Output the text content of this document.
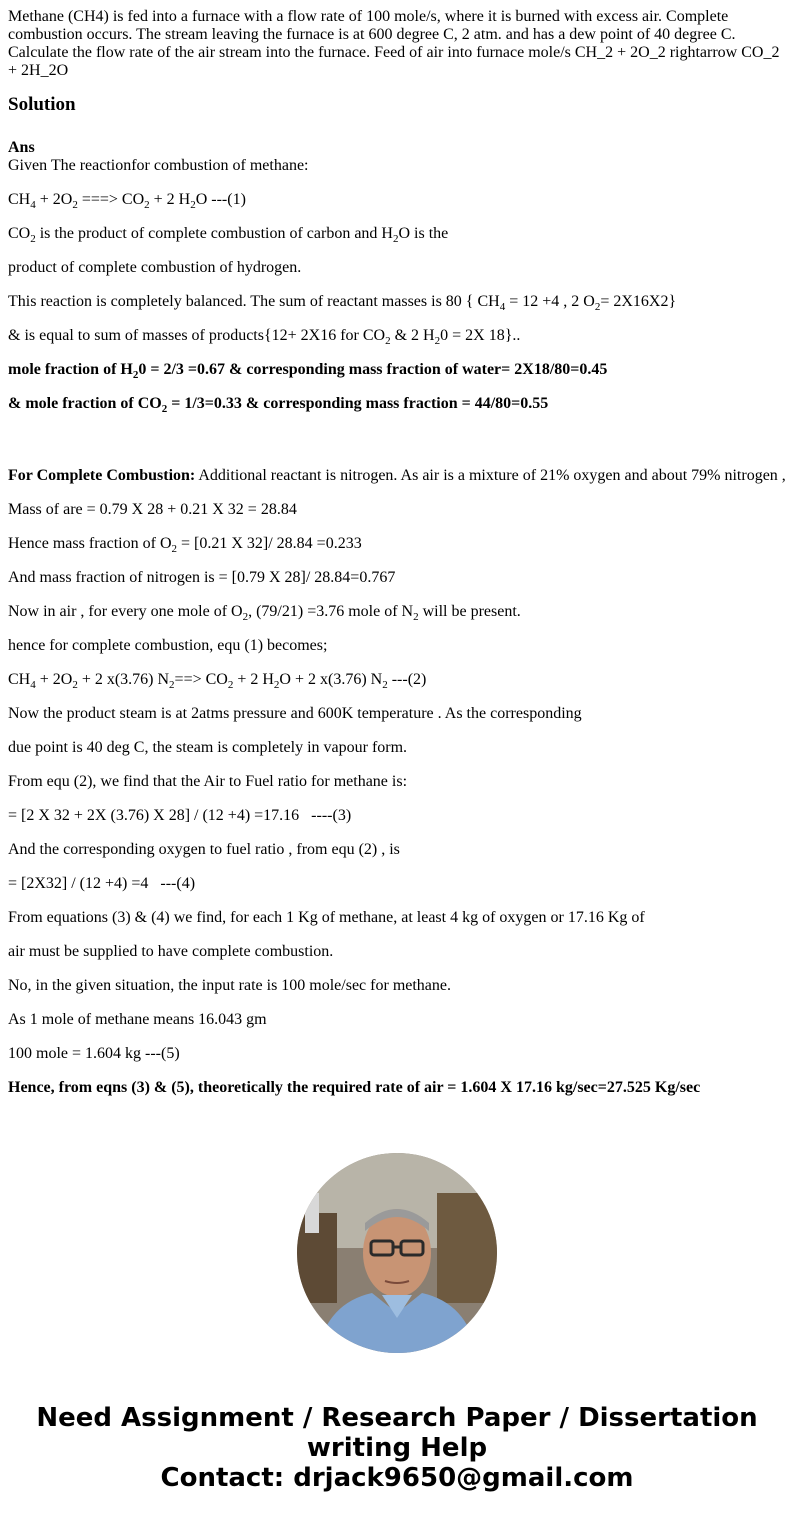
Methane (CH4) is fed into a furnace with a flow rate of 100 mole/s, where it is burned with excess air. Complete combustion occurs. The stream leaving the furnace is at 600 degree C, 2 atm. and has a dew point of 40 degree C. Calculate the flow rate of the air stream into the furnace. Feed of air into furnace mole/s CH_2 + 2O_2 rightarrow CO_2 + 2H_2O

Solution

Ans

Given The reactionfor combustion of methane:

$CH_4 + 2O_2$ ===> $CO_2 + 2$ $H_2O$ ---(1)

$CO_2$ is the product of complete combustion of carbon and $H_2O$ is the

product of complete combustion of hydrogen.

This reaction is completely balanced. The sum of reactant masses is 80 { $CH_4 = 12 +4$ , 2 $O_2= 2X16X2$}

& is equal to sum of masses of products{12+ 2X16 for $CO_2$ & 2 $H_20 = 2X$ 18}..

mole fraction of $H_20 = 2/3 =0.67$ & corresponding mass fraction of water= 2X18/80=0.45

& mole fraction of $CO_2 = 1/3=0.33$ & corresponding mass fraction = 44/80=0.55

For Complete Combustion: Additional reactant is nitrogen. As air is a mixture of 21% oxygen and about 79% nitrogen ,

Mass of are = 0.79 X 28 + 0.21 X 32 = 28.84

Hence mass fraction of $O_2 = [0.21$ X 32]/ 28.84 =0.233

And mass fraction of nitrogen is = [0.79 X 28]/ 28.84=0.767

Now in air , for every one mole of $O_2$, (79/21) =3.76 mole of $N_2$ will be present.

hence for complete combustion, equ (1) becomes;

$CH_4 + 2O_2 + 2$ x(3.76) $N_2==> CO_2 + 2$ $H_2O + 2$ x(3.76) $N_2$ ---(2)

Now the product steam is at 2atms pressure and 600K temperature . As the corresponding

due point is 40 deg C, the steam is completely in vapour form.

From equ (2), we find that the Air to Fuel ratio for methane is:

= [2 X 32 + 2X (3.76) X 28] / (12 +4) =17.16   ----(3)

And the corresponding oxygen to fuel ratio , from equ (2) , is

= [2X32] / (12 +4) =4   ---(4)

From equations (3) & (4) we find, for each 1 Kg of methane, at least 4 kg of oxygen or 17.16 Kg of

air must be supplied to have complete combustion.

No, in the given situation, the input rate is 100 mole/sec for methane.

As 1 mole of methane means 16.043 gm

100 mole = 1.604 kg ---(5)

Hence, from eqns (3) & (5), theoretically the required rate of air = 1.604 X 17.16 kg/sec=27.525 Kg/sec

Need Assignment / Research Paper / Dissertation
writing Help
Contact: drjack9650@gmail.com
